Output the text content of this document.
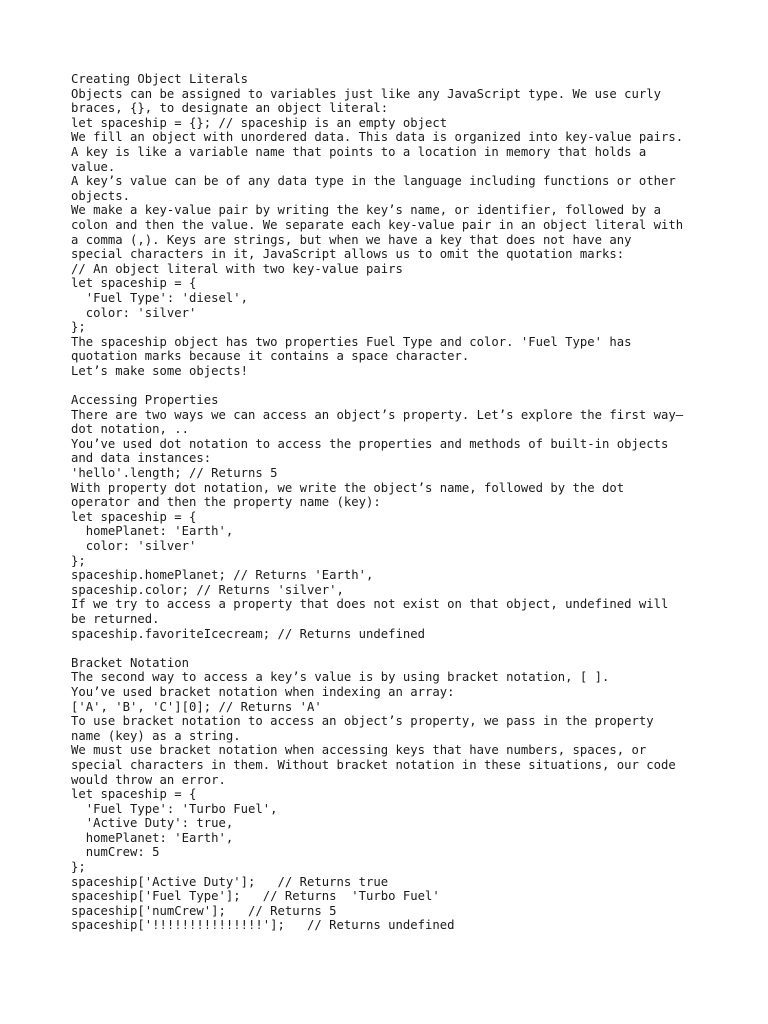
Creating Object Literals
Objects can be assigned to variables just like any JavaScript type. We use curly
braces, {}, to designate an object literal:
let spaceship = {}; // spaceship is an empty object
We fill an object with unordered data. This data is organized into key-value pairs.
A key is like a variable name that points to a location in memory that holds a
value.
A key’s value can be of any data type in the language including functions or other
objects.
We make a key-value pair by writing the key’s name, or identifier, followed by a
colon and then the value. We separate each key-value pair in an object literal with
a comma (,). Keys are strings, but when we have a key that does not have any
special characters in it, JavaScript allows us to omit the quotation marks:
// An object literal with two key-value pairs
let spaceship = {
'Fuel Type': 'diesel',
color: 'silver'
};
The spaceship object has two properties Fuel Type and color. 'Fuel Type' has
quotation marks because it contains a space character.
Let’s make some objects!
Accessing Properties
There are two ways we can access an object’s property. Let’s explore the first way—
dot notation, ..
You’ve used dot notation to access the properties and methods of built-in objects
and data instances:
'hello'.length; // Returns 5
With property dot notation, we write the object’s name, followed by the dot
operator and then the property name (key):
let spaceship = {
homePlanet: 'Earth',
color: 'silver'
};
spaceship.homePlanet; // Returns 'Earth',
spaceship.color; // Returns 'silver',
If we try to access a property that does not exist on that object, undefined will
be returned.
spaceship.favoriteIcecream; // Returns undefined
Bracket Notation
The second way to access a key’s value is by using bracket notation, [ ].
You’ve used bracket notation when indexing an array:
['A', 'B', 'C'][0]; // Returns 'A'
To use bracket notation to access an object’s property, we pass in the property
name (key) as a string.
We must use bracket notation when accessing keys that have numbers, spaces, or
special characters in them. Without bracket notation in these situations, our code
would throw an error.
let spaceship = {
'Fuel Type': 'Turbo Fuel',
'Active Duty': true,
homePlanet: 'Earth',
numCrew: 5
};
spaceship['Active Duty'];   // Returns true
spaceship['Fuel Type'];   // Returns  'Turbo Fuel'
spaceship['numCrew'];   // Returns 5
spaceship['!!!!!!!!!!!!!!!'];   // Returns undefined
